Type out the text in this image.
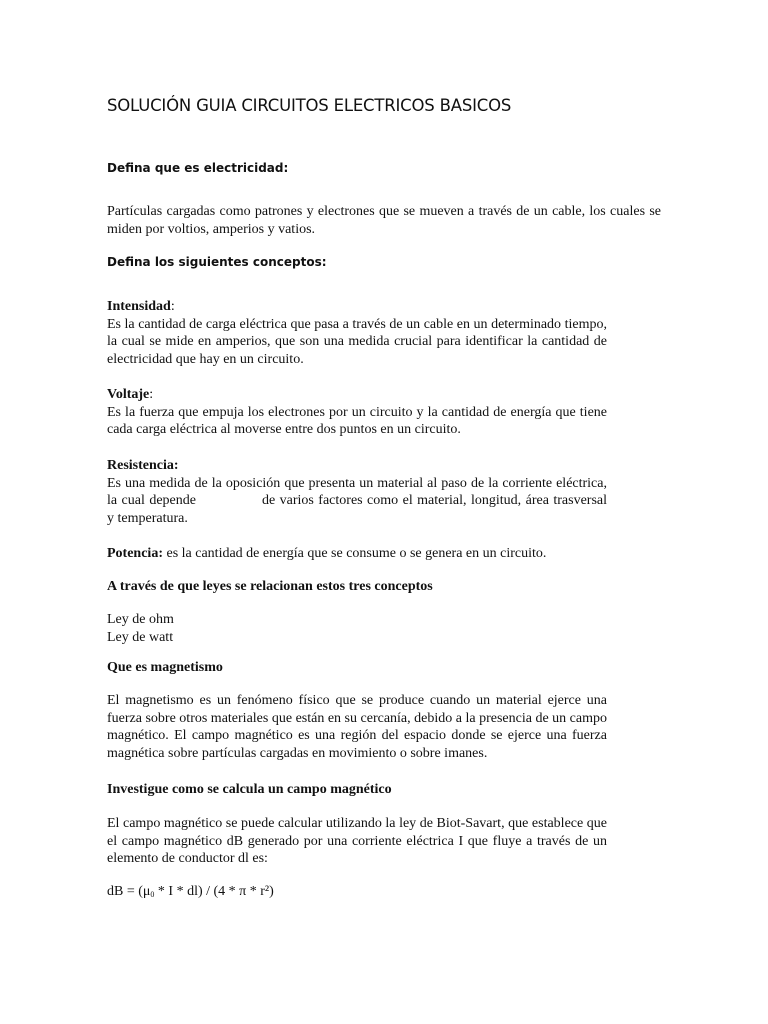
SOLUCIÓN GUIA CIRCUITOS ELECTRICOS BASICOS

Defina que es electricidad:

Partículas cargadas como patrones y electrones que se mueven a través de un cable, los cuales se miden por voltios, amperios y vatios.

Defina los siguientes conceptos:

Intensidad:
Es la cantidad de carga eléctrica que pasa a través de un cable en un determinado tiempo, la cual se mide en amperios, que son una medida crucial para identificar la cantidad de electricidad que hay en un circuito.
Voltaje:
Es la fuerza que empuja los electrones por un circuito y la cantidad de energía que tiene cada carga eléctrica al moverse entre dos puntos en un circuito.
Resistencia:
Es una medida de la oposición que presenta un material al paso de la corriente eléctrica, la cual depende	de varios factores como el material, longitud, área trasversal y temperatura.
Potencia: es la cantidad de energía que se consume o se genera en un circuito.

A través de que leyes se relacionan estos tres conceptos

Ley de ohm
Ley de watt

Que es magnetismo

El magnetismo es un fenómeno físico que se produce cuando un material ejerce una fuerza sobre otros materiales que están en su cercanía, debido a la presencia de un campo magnético. El campo magnético es una región del espacio donde se ejerce una fuerza magnética sobre partículas cargadas en movimiento o sobre imanes.

Investigue como se calcula un campo magnético

El campo magnético se puede calcular utilizando la ley de Biot-Savart, que establece que el campo magnético dB generado por una corriente eléctrica I que fluye a través de un elemento de conductor dl es:

dB = ($\mu_0$ * I * dl) / (4 * π * r²)
